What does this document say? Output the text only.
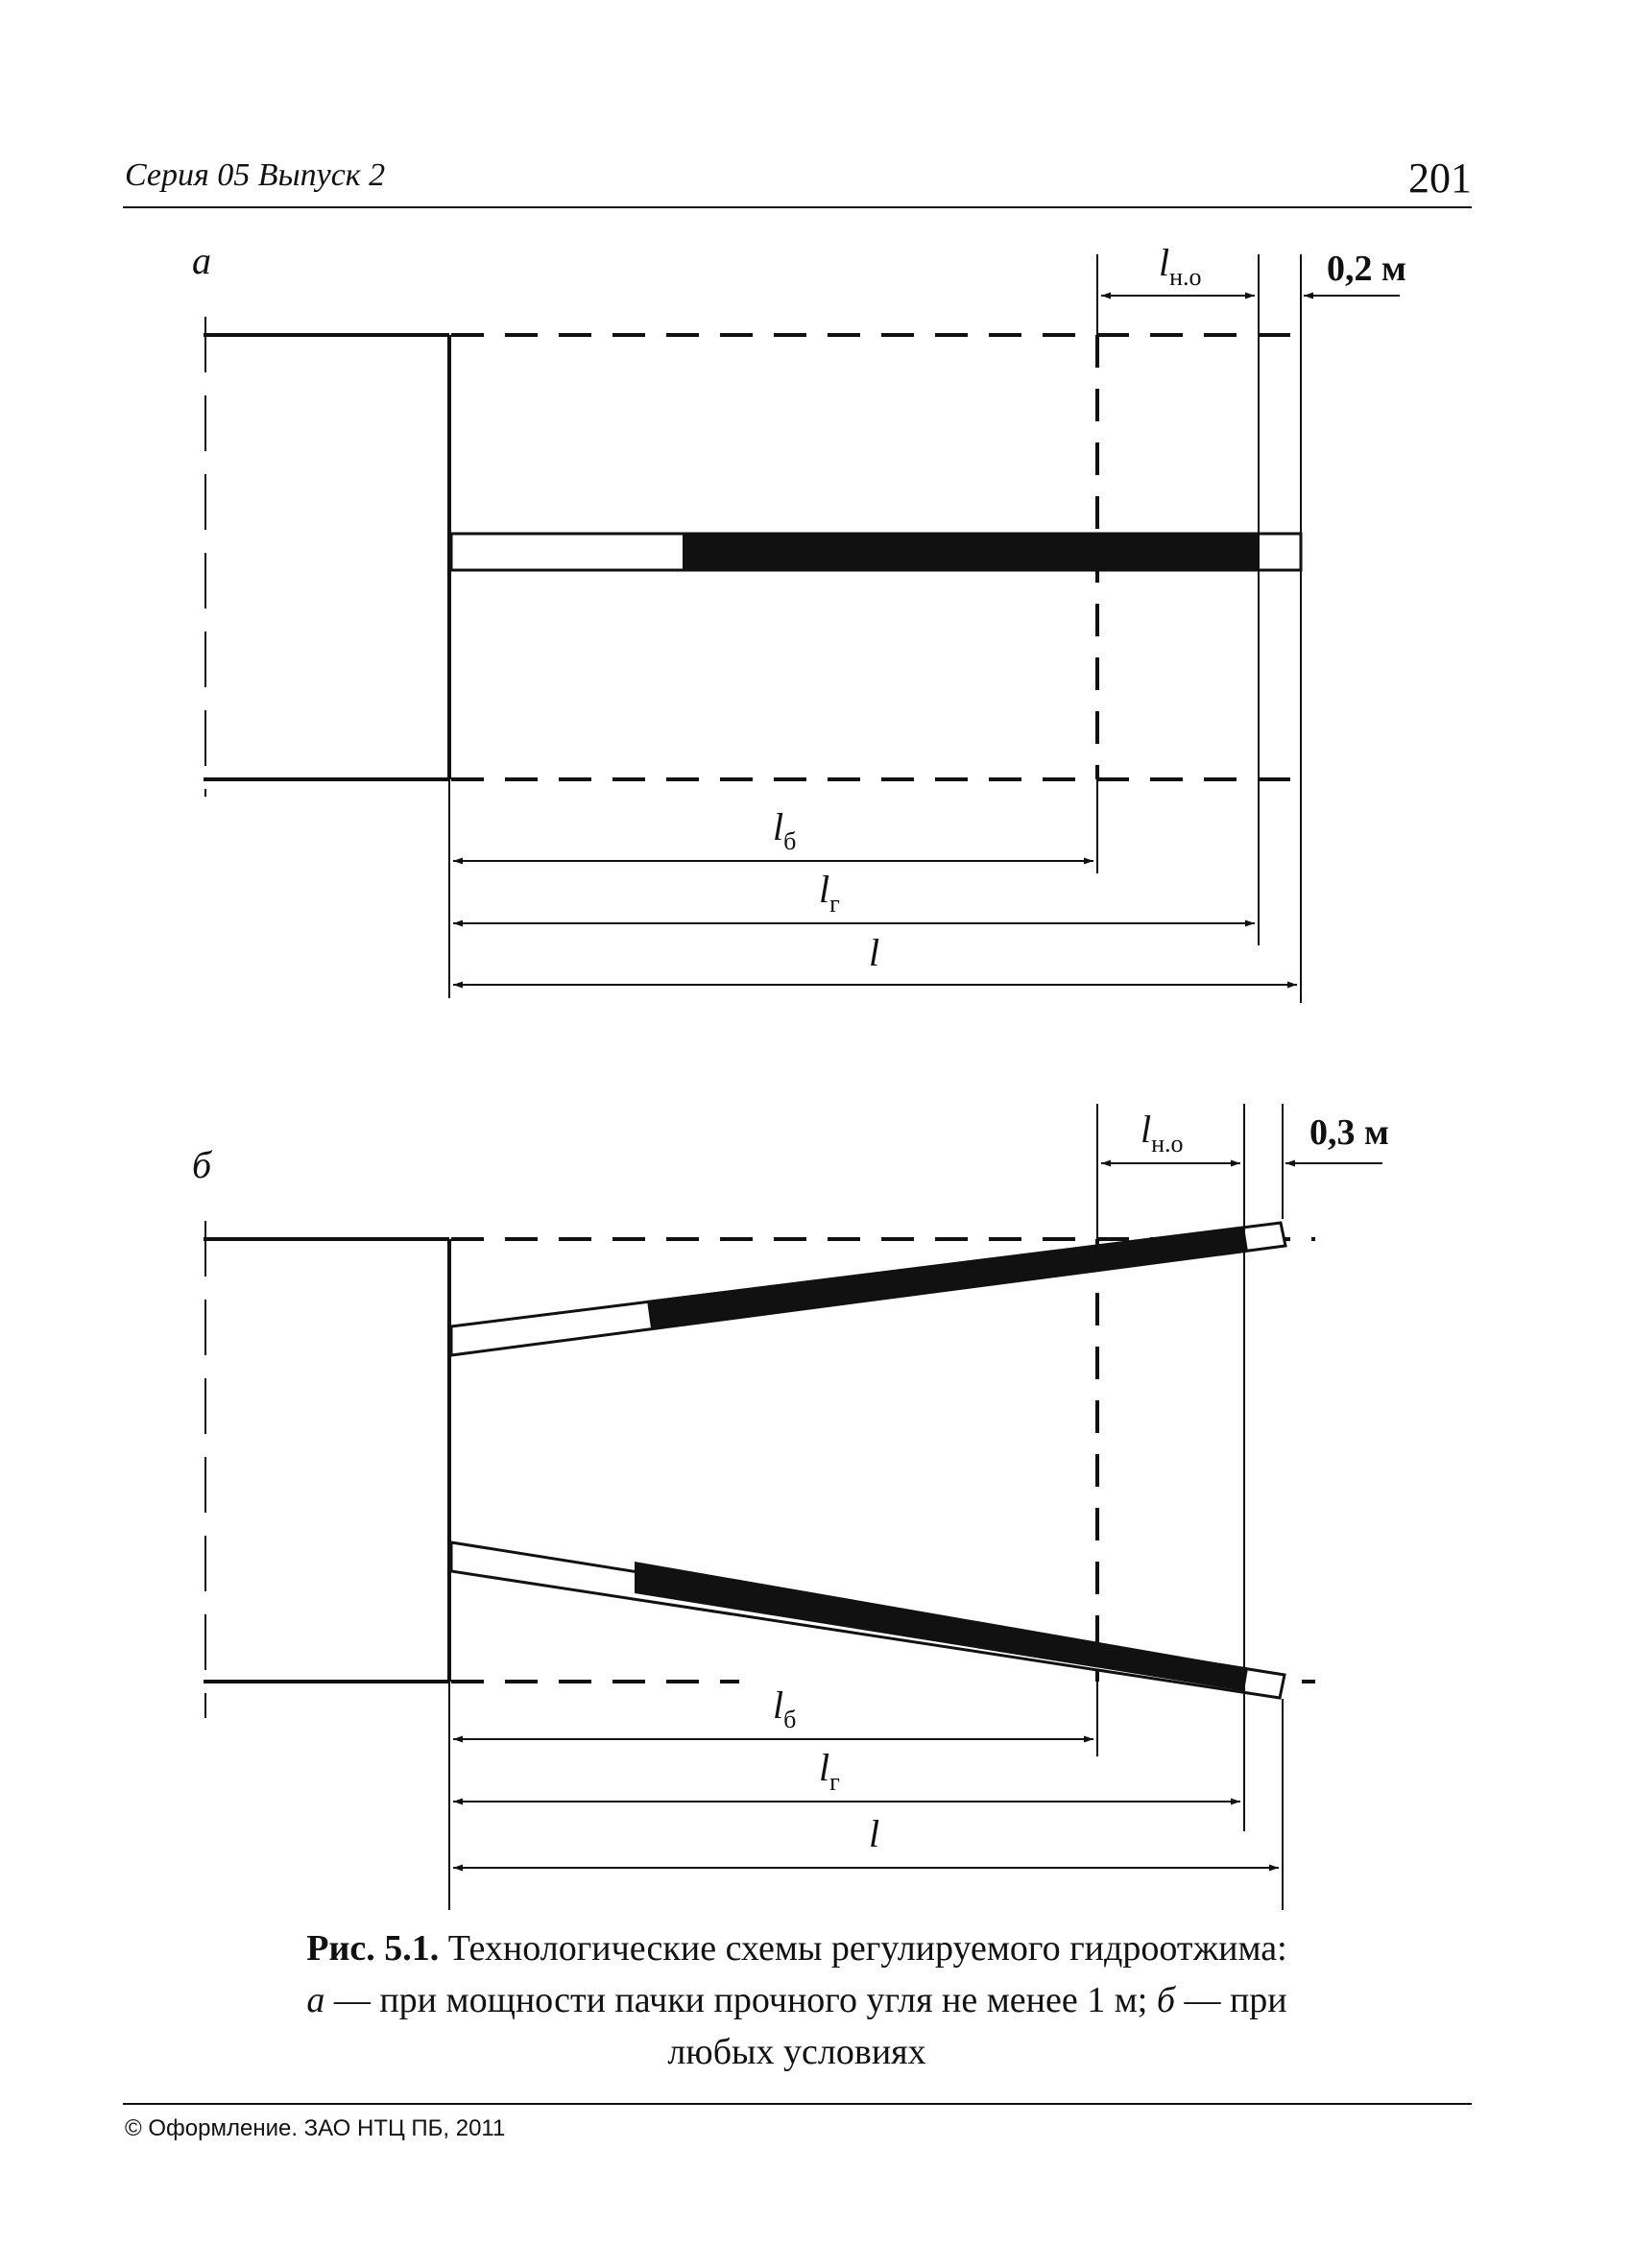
Серия 05 Выпуск 2	201
а	$l_{н.о}$	0,2 м
$l_б$
$l_г$
l
б
$l_{н.о}$	0,3 м
$l_б$
$l_г$
l
Рис. 5.1. Технологические схемы регулируемого гидроотжима:
а — при мощности пачки прочного угля не менее 1 м; б — при любых условиях
© Оформление. ЗАО НТЦ ПБ, 2011
